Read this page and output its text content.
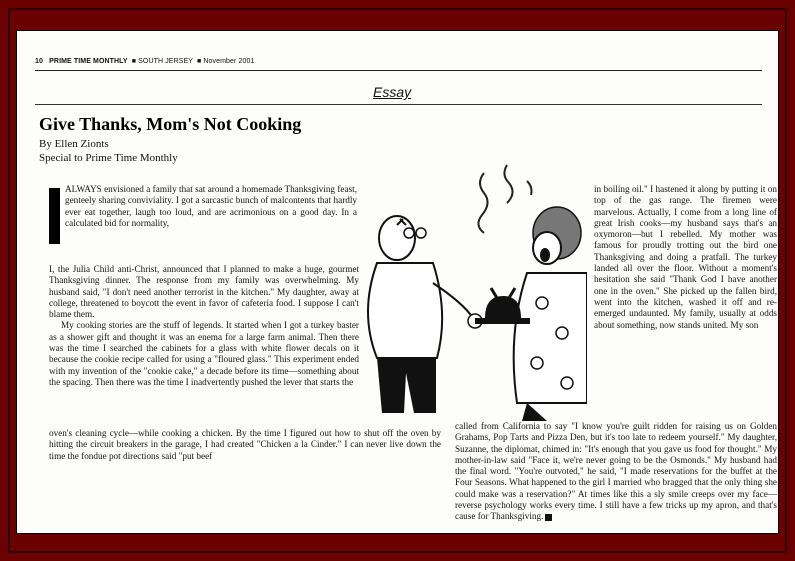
10 PRIME TIME MONTHLY  ■ SOUTH JERSEY  ■ November 2001
Essay
Give Thanks, Mom's Not Cooking
By Ellen Zionts
Special to Prime Time Monthly
ALWAYS envisioned a family that sat around a homemade Thanksgiving feast, genteely sharing conviviality. I got a sarcastic bunch of malcontents that hardly ever eat together, laugh too loud, and are acrimonious on a good day. In a calculated bid for normality,
I, the Julia Child anti-Christ, announced that I planned to make a huge, gourmet Thanksgiving dinner. The response from my family was overwhelming. My husband said, "I don't need another terrorist in the kitchen." My daughter, away at college, threatened to boycott the event in favor of cafeteria food. I suppose I can't blame them.
My cooking stories are the stuff of legends. It started when I got a turkey baster as a shower gift and thought it was an enema for a large farm animal. Then there was the time I searched the cabinets for a glass with white flower decals on it because the cookie recipe called for using a "floured glass." This experiment ended with my invention of the "cookie cake," a decade before its time—something about the spacing. Then there was the time I inadvertently pushed the lever that starts the
oven's cleaning cycle—while cooking a chicken. By the time I figured out how to shut off the oven by hitting the circuit breakers in the garage, I had created "Chicken a la Cinder." I can never live down the time the fondue pot directions said "put beef
in boiling oil." I hastened it along by putting it on top of the gas range. The firemen were marvelous. Actually, I come from a long line of great Irish cooks—my husband says that's an oxymoron—but I rebelled. My mother was famous for proudly trotting out the bird one Thanksgiving and doing a pratfall. The turkey landed all over the floor. Without a moment's hesitation she said "Thank God I have another one in the oven." She picked up the fallen bird, went into the kitchen, washed it off and re-emerged undaunted. My family, usually at odds about something, now stands united. My son
called from California to say "I know you're guilt ridden for raising us on Golden Grahams, Pop Tarts and Pizza Den, but it's too late to redeem yourself." My daughter, Suzanne, the diplomat, chimed in: "It's enough that you gave us food for thought." My mother-in-law said "Face it, we're never going to be the Osmonds." My husband had the final word. "You're outvoted," he said, "I made reservations for the buffet at the Four Seasons. What happened to the girl I married who bragged that the only thing she could make was a reservation?" At times like this a sly smile creeps over my face—reverse psychology works every time. I still have a few tricks up my apron, and that's cause for Thanksgiving.
